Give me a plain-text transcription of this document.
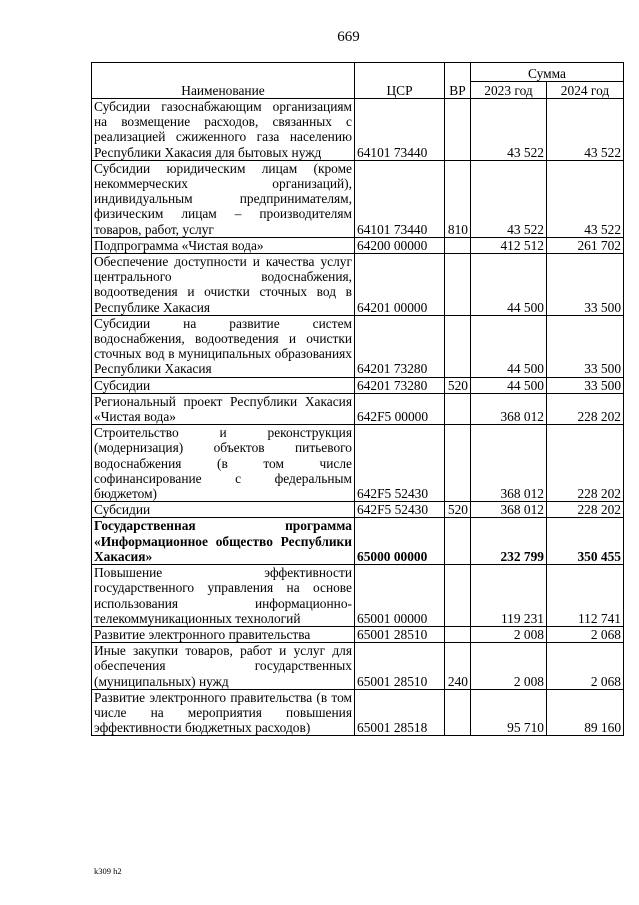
669
Наименование	ЦСР	ВР	Сумма	
			2023 год	2024 год
Субсидии газоснабжающим организациям на возмещение расходов, связанных с реализацией сжиженного газа населению Республики Хакасия для бытовых нужд	64101 73440		43 522	43 522
Субсидии юридическим лицам (кроме некоммерческих организаций), индивидуальным предпринимателям, физическим лицам – производителям товаров, работ, услуг	64101 73440	810	43 522	43 522
Подпрограмма «Чистая вода»	64200 00000		412 512	261 702
Обеспечение доступности и качества услуг центрального водоснабжения, водоотведения и очистки сточных вод в Республике Хакасия	64201 00000		44 500	33 500
Субсидии на развитие систем водоснабжения, водоотведения и очистки сточных вод в муниципальных образованиях Республики Хакасия	64201 73280		44 500	33 500
Субсидии	64201 73280	520	44 500	33 500
Региональный проект Республики Хакасия «Чистая вода»	642F5 00000		368 012	228 202
Строительство и реконструкция (модернизация) объектов питьевого водоснабжения (в том числе софинансирование с федеральным бюджетом)	642F5 52430		368 012	228 202
Субсидии	642F5 52430	520	368 012	228 202
Государственная программа «Информационное общество Республики Хакасия»	65000 00000		232 799	350 455
Повышение эффективности государственного управления на основе использования информационно-телекоммуникационных технологий	65001 00000		119 231	112 741
Развитие электронного правительства	65001 28510		2 008	2 068
Иные закупки товаров, работ и услуг для обеспечения государственных (муниципальных) нужд	65001 28510	240	2 008	2 068
Развитие электронного правительства (в том числе на мероприятия повышения эффективности бюджетных расходов)	65001 28518		95 710	89 160
k309 h2
